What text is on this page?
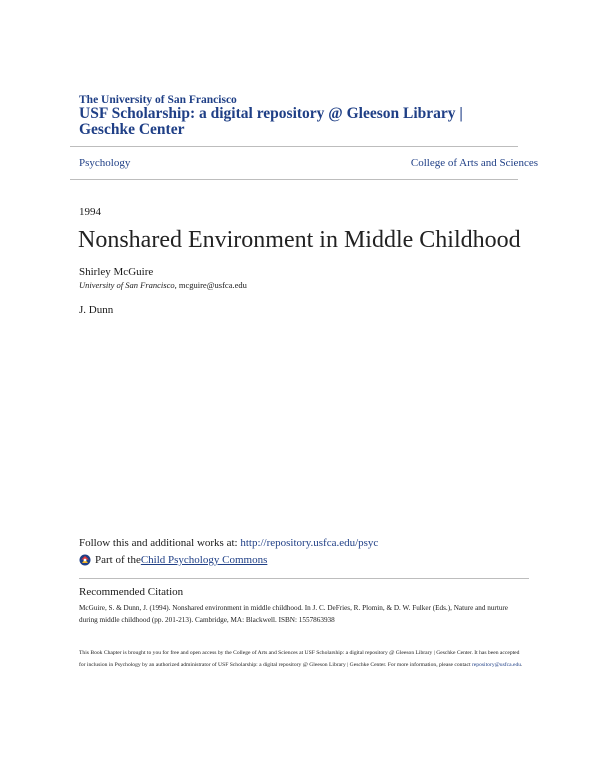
The University of San Francisco
USF Scholarship: a digital repository @ Gleeson Library | Geschke Center
Psychology	College of Arts and Sciences
1994
Nonshared Environment in Middle Childhood
Shirley McGuire
University of San Francisco, mcguire@usfca.edu
J. Dunn
Follow this and additional works at: http://repository.usfca.edu/psyc
Part of the Child Psychology Commons
Recommended Citation
McGuire, S. & Dunn, J. (1994). Nonshared environment in middle childhood. In J. C. DeFries, R. Plomin, & D. W. Fulker (Eds.), Nature and nurture during middle childhood (pp. 201-213). Cambridge, MA: Blackwell. ISBN: 1557863938
This Book Chapter is brought to you for free and open access by the College of Arts and Sciences at USF Scholarship: a digital repository @ Gleeson Library | Geschke Center. It has been accepted for inclusion in Psychology by an authorized administrator of USF Scholarship: a digital repository @ Gleeson Library | Geschke Center. For more information, please contact repository@usfca.edu.
